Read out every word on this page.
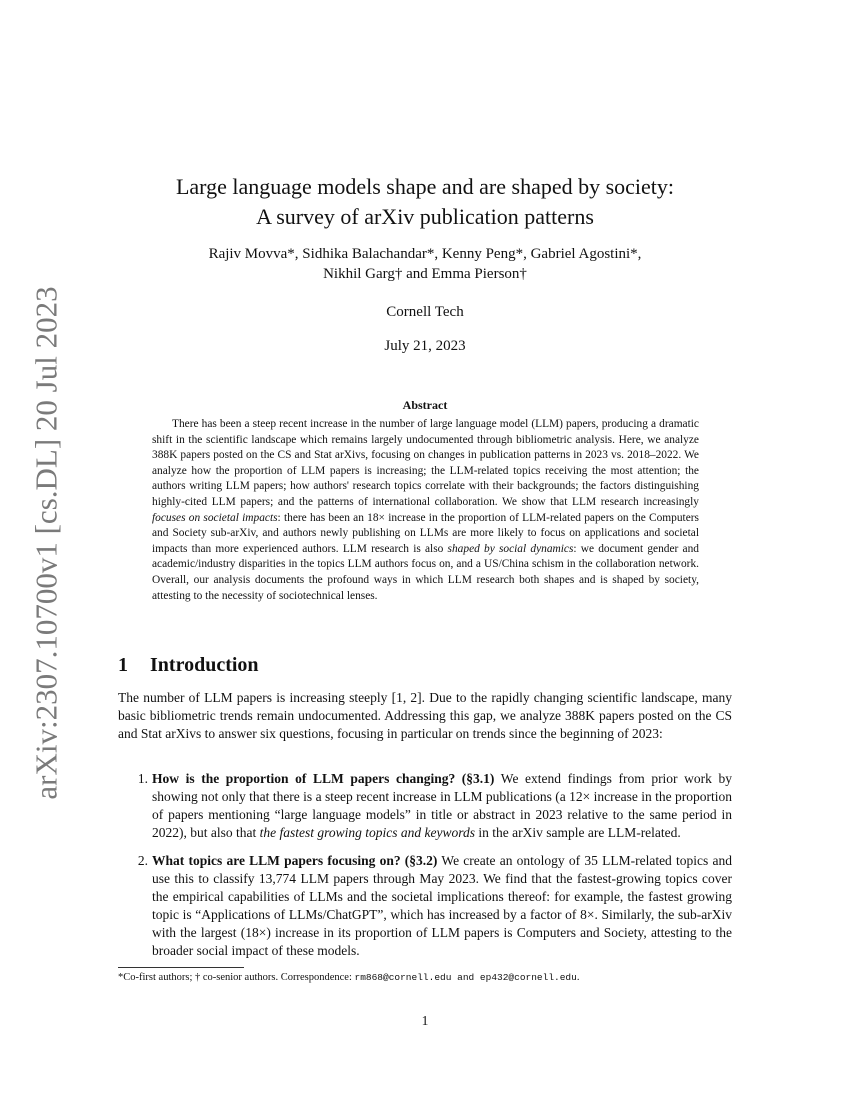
arXiv:2307.10700v1 [cs.DL] 20 Jul 2023
Large language models shape and are shaped by society:
A survey of arXiv publication patterns
Rajiv Movva*, Sidhika Balachandar*, Kenny Peng*, Gabriel Agostini*,
Nikhil Garg† and Emma Pierson†
Cornell Tech
July 21, 2023
Abstract
There has been a steep recent increase in the number of large language model (LLM) papers, producing a dramatic shift in the scientific landscape which remains largely undocumented through bibliometric analysis. Here, we analyze 388K papers posted on the CS and Stat arXivs, focusing on changes in publication patterns in 2023 vs. 2018–2022. We analyze how the proportion of LLM papers is increasing; the LLM-related topics receiving the most attention; the authors writing LLM papers; how authors' research topics correlate with their backgrounds; the factors distinguishing highly-cited LLM papers; and the patterns of international collaboration. We show that LLM research increasingly focuses on societal impacts: there has been an 18× increase in the proportion of LLM-related papers on the Computers and Society sub-arXiv, and authors newly publishing on LLMs are more likely to focus on applications and societal impacts than more experienced authors. LLM research is also shaped by social dynamics: we document gender and academic/industry disparities in the topics LLM authors focus on, and a US/China schism in the collaboration network. Overall, our analysis documents the profound ways in which LLM research both shapes and is shaped by society, attesting to the necessity of sociotechnical lenses.
1 Introduction
The number of LLM papers is increasing steeply [1, 2]. Due to the rapidly changing scientific landscape, many basic bibliometric trends remain undocumented. Addressing this gap, we analyze 388K papers posted on the CS and Stat arXivs to answer six questions, focusing in particular on trends since the beginning of 2023:
1. How is the proportion of LLM papers changing? (§3.1) We extend findings from prior work by showing not only that there is a steep recent increase in LLM publications (a 12× increase in the proportion of papers mentioning “large language models” in title or abstract in 2023 relative to the same period in 2022), but also that the fastest growing topics and keywords in the arXiv sample are LLM-related.
2. What topics are LLM papers focusing on? (§3.2) We create an ontology of 35 LLM-related topics and use this to classify 13,774 LLM papers through May 2023. We find that the fastest-growing topics cover the empirical capabilities of LLMs and the societal implications thereof: for example, the fastest growing topic is “Applications of LLMs/ChatGPT”, which has increased by a factor of 8×. Similarly, the sub-arXiv with the largest (18×) increase in its proportion of LLM papers is Computers and Society, attesting to the broader social impact of these models.
*Co-first authors; † co-senior authors. Correspondence: rm868@cornell.edu and ep432@cornell.edu.
1
